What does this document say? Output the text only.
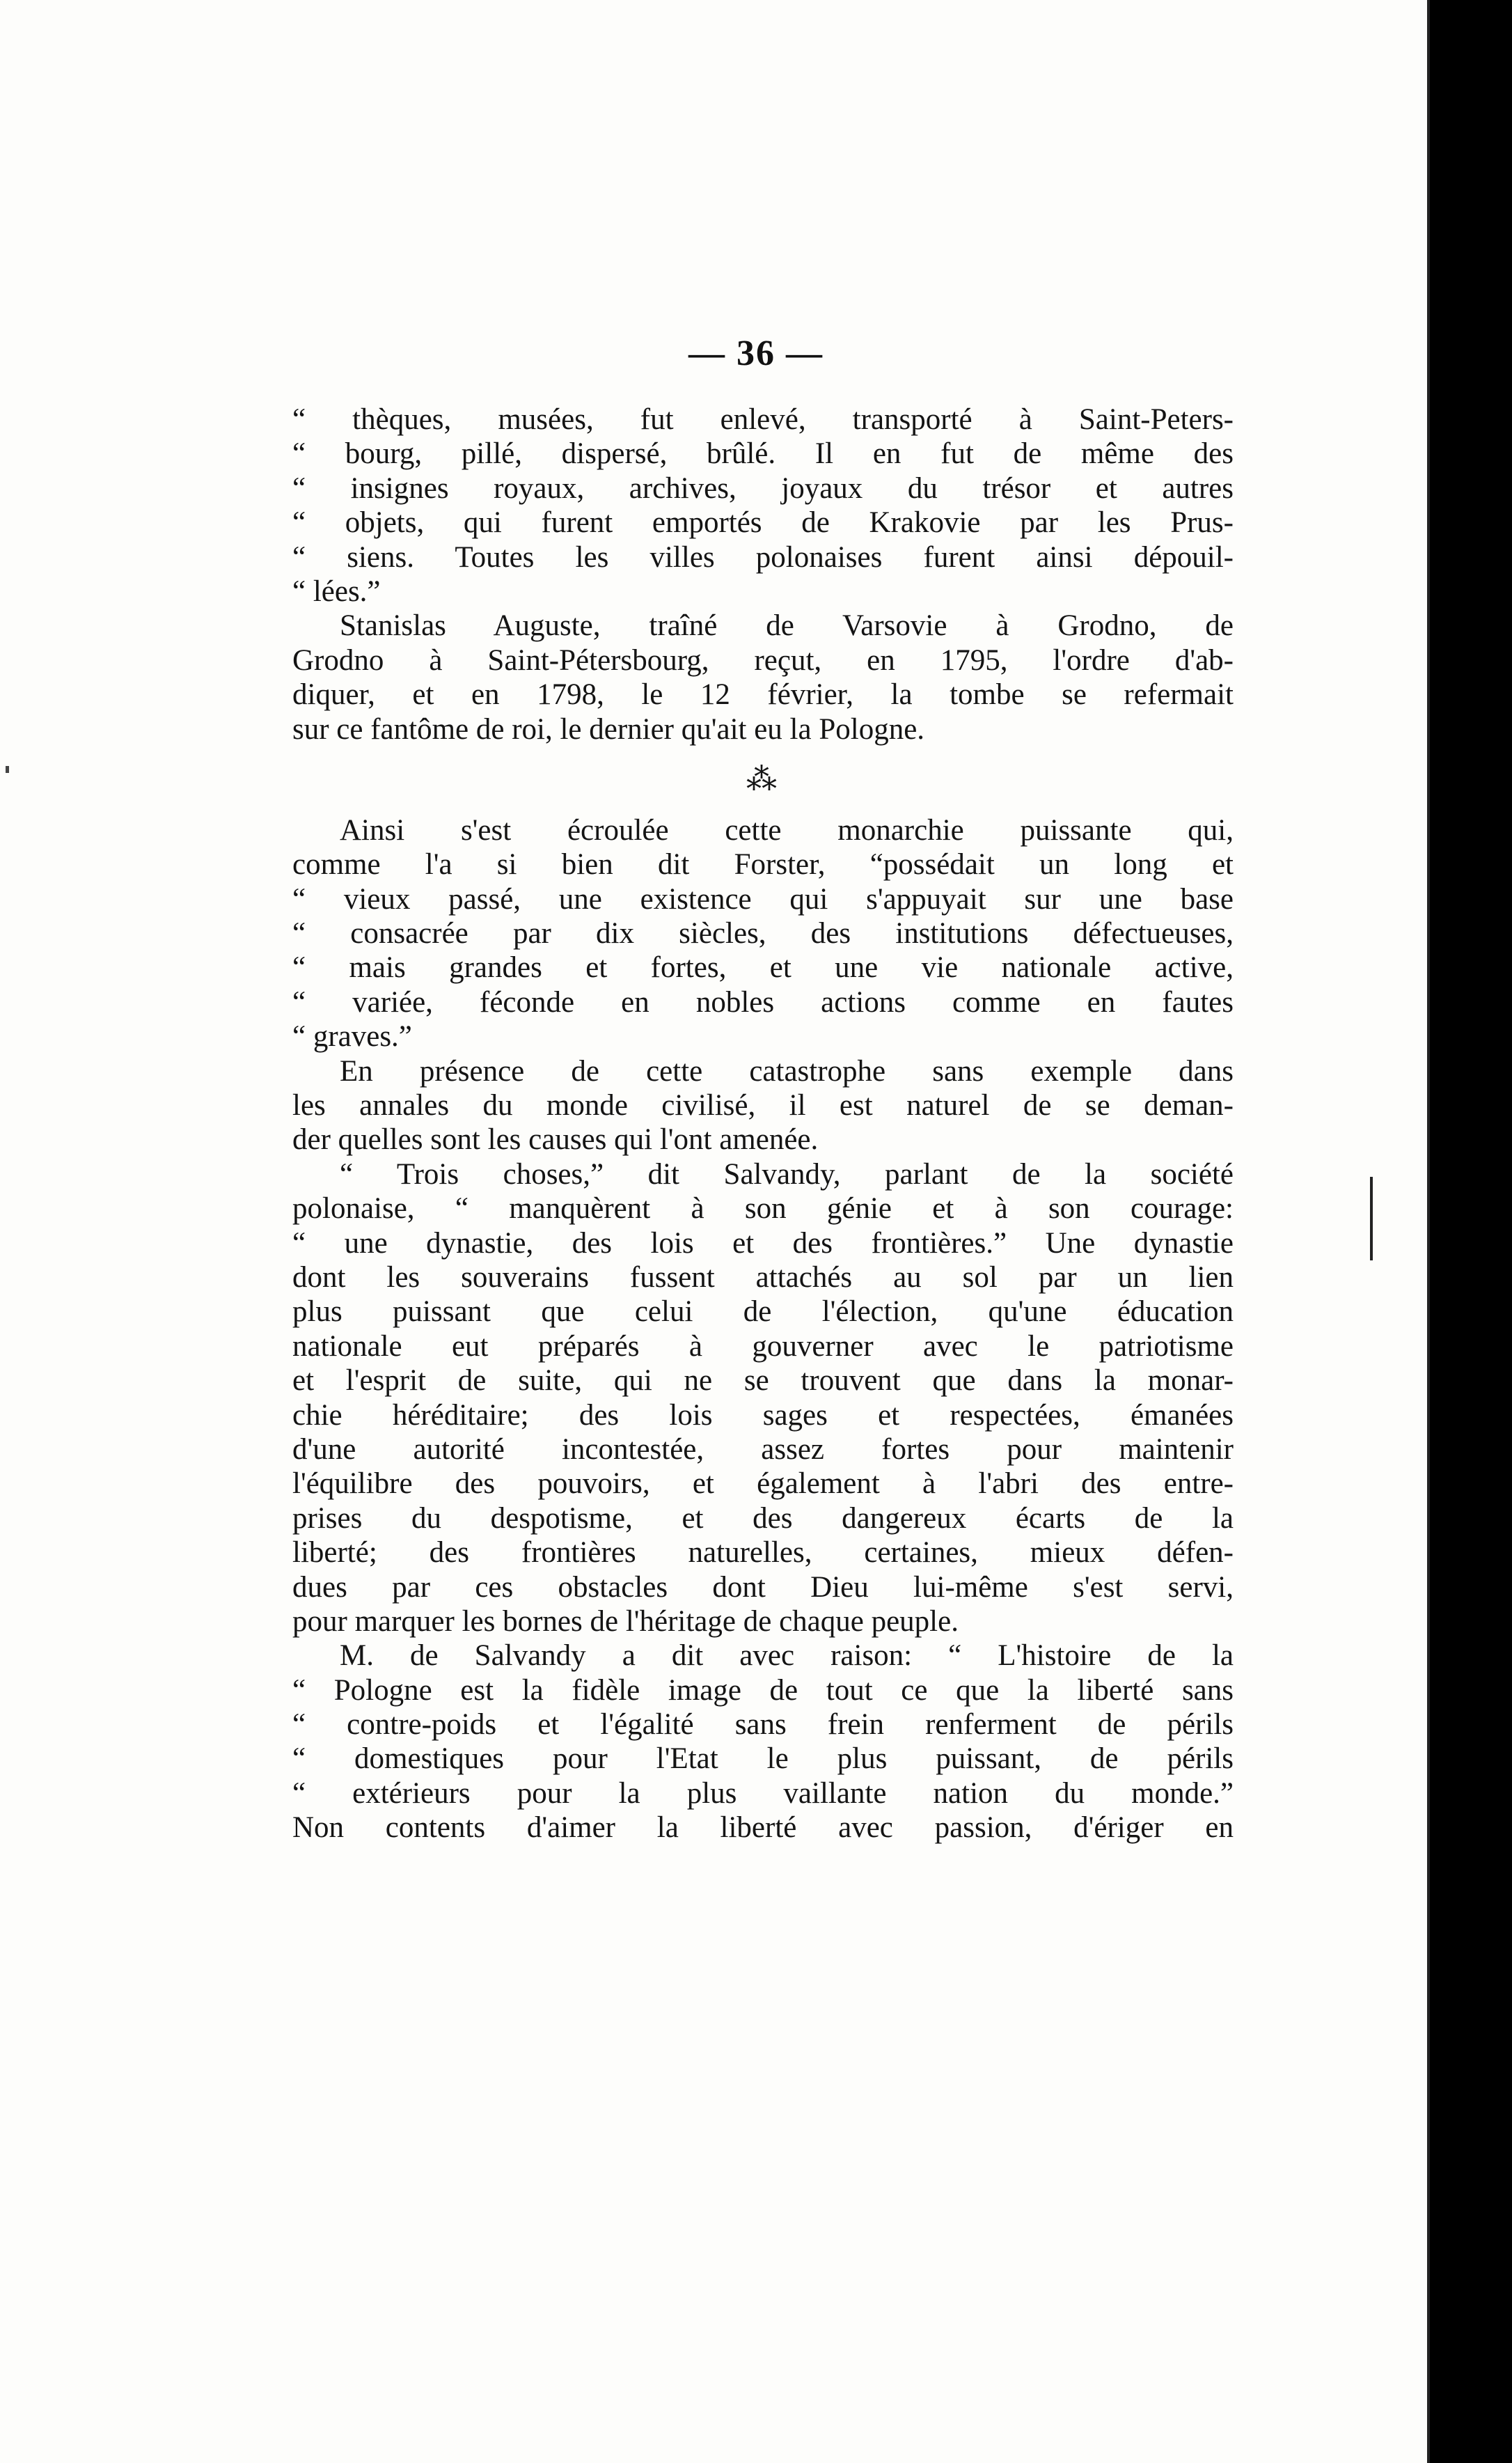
— 36 —
“ thèques, musées, fut enlevé, transporté à Saint-Peters-
“ bourg, pillé, dispersé, brûlé. Il en fut de même des
“ insignes royaux, archives, joyaux du trésor et autres
“ objets, qui furent emportés de Krakovie par les Prus-
“ siens. Toutes les villes polonaises furent ainsi dépouil-
“ lées.”
Stanislas Auguste, traîné de Varsovie à Grodno, de
Grodno à Saint-Pétersbourg, reçut, en 1795, l'ordre d'ab-
diquer, et en 1798, le 12 février, la tombe se refermait
sur ce fantôme de roi, le dernier qu'ait eu la Pologne.
⁂
Ainsi s'est écroulée cette monarchie puissante qui,
comme l'a si bien dit Forster, “possédait un long et
“ vieux passé, une existence qui s'appuyait sur une base
“ consacrée par dix siècles, des institutions défectueuses,
“ mais grandes et fortes, et une vie nationale active,
“ variée, féconde en nobles actions comme en fautes
“ graves.”
En présence de cette catastrophe sans exemple dans
les annales du monde civilisé, il est naturel de se deman-
der quelles sont les causes qui l'ont amenée.
“ Trois choses,” dit Salvandy, parlant de la société
polonaise, “ manquèrent à son génie et à son courage:
“ une dynastie, des lois et des frontières.” Une dynastie
dont les souverains fussent attachés au sol par un lien
plus puissant que celui de l'élection, qu'une éducation
nationale eut préparés à gouverner avec le patriotisme
et l'esprit de suite, qui ne se trouvent que dans la monar-
chie héréditaire; des lois sages et respectées, émanées
d'une autorité incontestée, assez fortes pour maintenir
l'équilibre des pouvoirs, et également à l'abri des entre-
prises du despotisme, et des dangereux écarts de la
liberté; des frontières naturelles, certaines, mieux défen-
dues par ces obstacles dont Dieu lui-même s'est servi,
pour marquer les bornes de l'héritage de chaque peuple.
M. de Salvandy a dit avec raison: “ L'histoire de la
“ Pologne est la fidèle image de tout ce que la liberté sans
“ contre-poids et l'égalité sans frein renferment de périls
“ domestiques pour l'Etat le plus puissant, de périls
“ extérieurs pour la plus vaillante nation du monde.”
Non contents d'aimer la liberté avec passion, d'ériger en
